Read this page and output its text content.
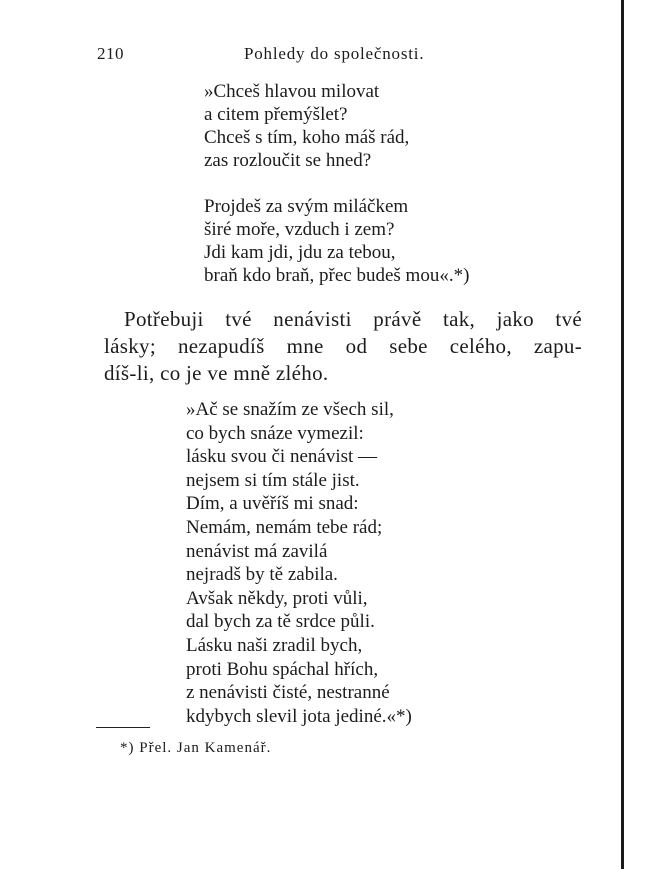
210	Pohledy do společnosti.
»Chceš hlavou milovat
a citem přemýšlet?
Chceš s tím, koho máš rád,
zas rozloučit se hned?
Projdeš za svým miláčkem
širé moře, vzduch i zem?
Jdi kam jdi, jdu za tebou,
braň kdo braň, přec budeš mou«.*)
Potřebuji tvé nenávisti právě tak, jako tvé
lásky; nezapudíš mne od sebe celého, zapu-
díš-li, co je ve mně zlého.
»Ač se snažím ze všech sil,
co bych snáze vymezil:
lásku svou či nenávist —
nejsem si tím stále jist.
Dím, a uvěříš mi snad:
Nemám, nemám tebe rád;
nenávist má zavilá
nejradš by tě zabila.
Avšak někdy, proti vůli,
dal bych za tě srdce půli.
Lásku naši zradil bych,
proti Bohu spáchal hřích,
z nenávisti čisté, nestranné
kdybych slevil jota jediné.«*)
*) Přel. Jan Kamenář.
